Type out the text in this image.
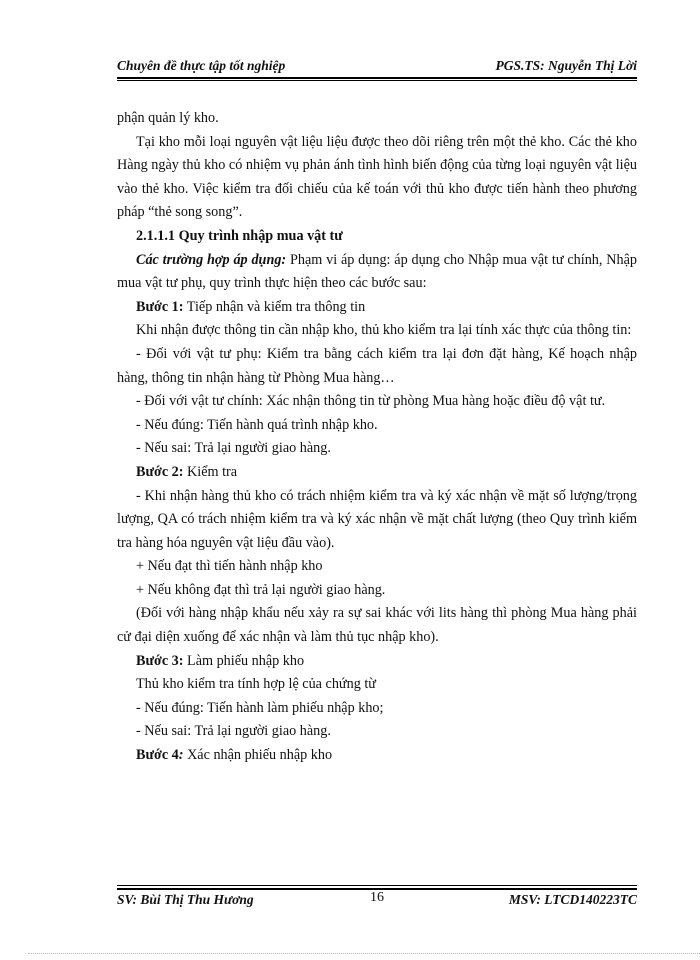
Chuyên đề thực tập tốt nghiệp	PGS.TS: Nguyễn Thị Lời

phận quản lý kho.

Tại kho mỗi loại nguyên vật liệu liệu được theo dõi riêng trên một thẻ kho. Các thẻ kho Hàng ngày thủ kho có nhiệm vụ phản ánh tình hình biến động của từng loại nguyên vật liệu vào thẻ kho. Việc kiểm tra đối chiếu của kế toán với thủ kho được tiến hành theo phương pháp “thẻ song song”.

2.1.1.1 Quy trình nhập mua vật tư

Các trường hợp áp dụng: Phạm vi áp dụng: áp dụng cho Nhập mua vật tư chính, Nhập mua vật tư phụ, quy trình thực hiện theo các bước sau:

Bước 1: Tiếp nhận và kiểm tra thông tin

Khi nhận được thông tin cần nhập kho, thủ kho kiểm tra lại tính xác thực của thông tin:

- Đối với vật tư phụ: Kiểm tra bằng cách kiểm tra lại đơn đặt hàng, Kế hoạch nhập hàng, thông tin nhận hàng từ Phòng Mua hàng…

- Đối với vật tư chính: Xác nhận thông tin từ phòng Mua hàng hoặc điều độ vật tư.

- Nếu đúng: Tiến hành quá trình nhập kho.

- Nếu sai: Trả lại người giao hàng.

Bước 2: Kiểm tra

- Khi nhận hàng thủ kho có trách nhiệm kiểm tra và ký xác nhận về mặt số lượng/trọng lượng, QA có trách nhiệm kiểm tra và ký xác nhận về mặt chất lượng (theo Quy trình kiểm tra hàng hóa nguyên vật liệu đầu vào).

+ Nếu đạt thì tiến hành nhập kho

+ Nếu không đạt thì trả lại người giao hàng.

(Đối với hàng nhập khẩu nếu xảy ra sự sai khác với lits hàng thì phòng Mua hàng phải cử đại diện xuống để xác nhận và làm thủ tục nhập kho).

Bước 3: Làm phiếu nhập kho

Thủ kho kiểm tra tính hợp lệ của chứng từ

- Nếu đúng: Tiến hành làm phiếu nhập kho;

- Nếu sai: Trả lại người giao hàng.

Bước 4: Xác nhận phiếu nhập kho

SV: Bùi Thị Thu Hương	16	MSV: LTCD140223TC
